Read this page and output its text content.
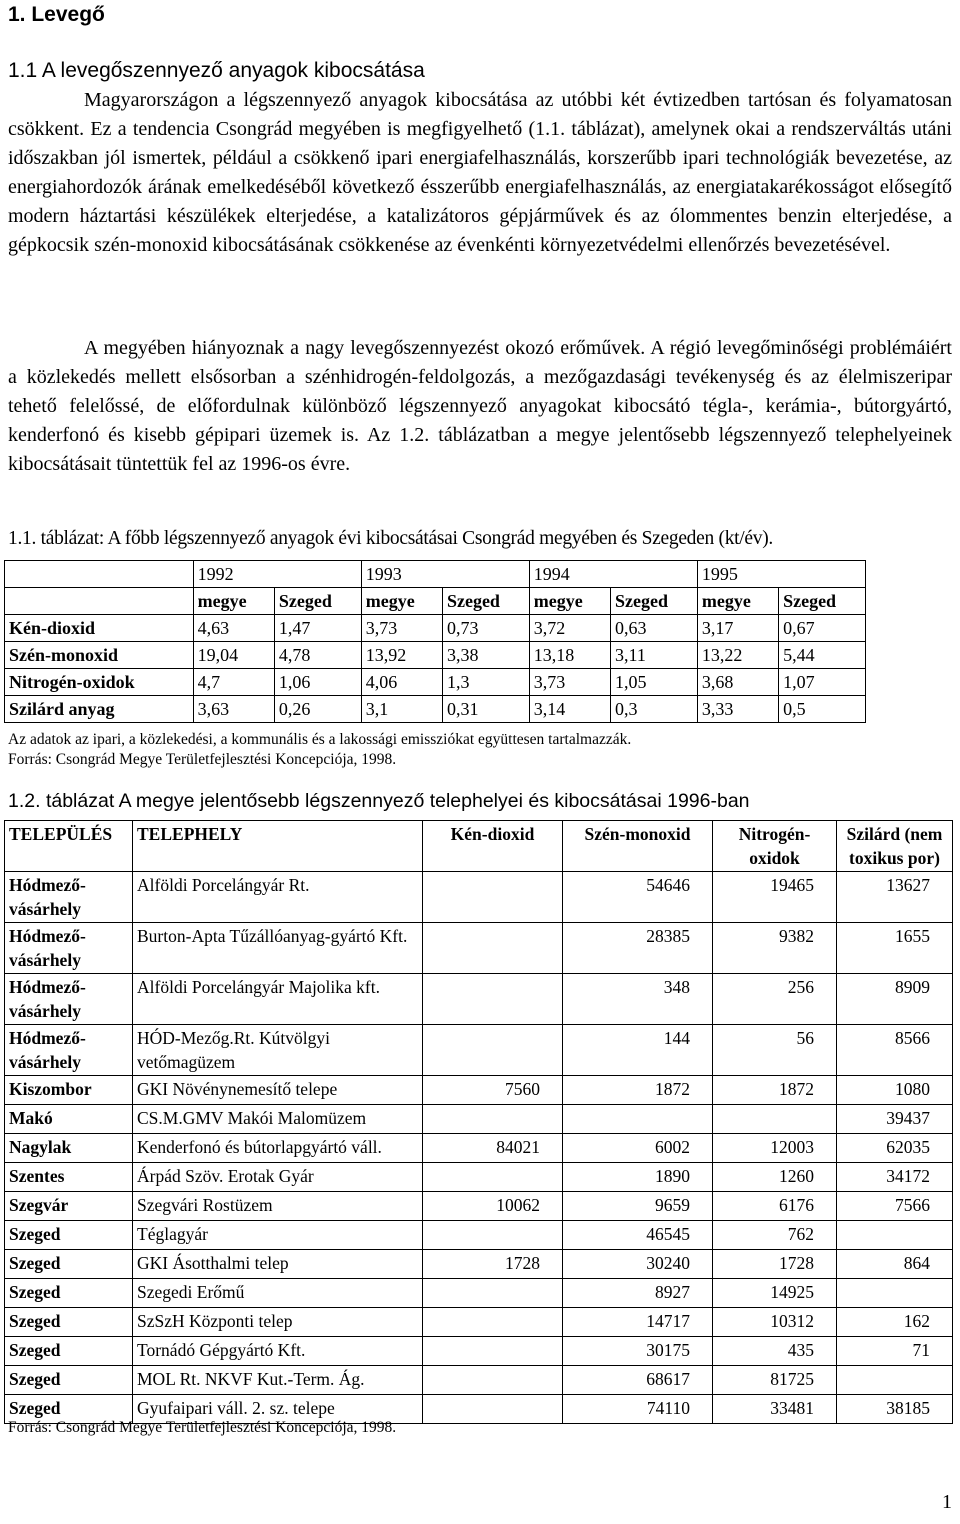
1. Levegő
1.1 A levegőszennyező anyagok kibocsátása

Magyarországon a légszennyező anyagok kibocsátása az utóbbi két évtizedben tartósan és folyamatosan csökkent. Ez a tendencia Csongrád megyében is megfigyelhető (1.1. táblázat), amelynek okai a rendszerváltás utáni időszakban jól ismertek, például a csökkenő ipari energiafelhasználás, korszerűbb ipari technológiák bevezetése, az energiahordozók árának emelkedéséből következő ésszerűbb energiafelhasználás, az energiatakarékosságot elősegítő modern háztartási készülékek elterjedése, a katalizátoros gépjárművek és az ólommentes benzin elterjedése, a gépkocsik szén-monoxid kibocsátásának csökkenése az évenkénti környezetvédelmi ellenőrzés bevezetésével.

A megyében hiányoznak a nagy levegőszennyezést okozó erőművek. A régió levegőminőségi problémáiért a közlekedés mellett elsősorban a szénhidrogén-feldolgozás, a mezőgazdasági tevékenység és az élelmiszeripar tehető felelőssé, de előfordulnak különböző légszennyező anyagokat kibocsátó tégla-, kerámia-, bútorgyártó, kenderfonó és kisebb gépipari üzemek is. Az 1.2. táblázatban a megye jelentősebb légszennyező telephelyeinek kibocsátásait tüntettük fel az 1996-os évre.

1.1. táblázat: A főbb légszennyező anyagok évi kibocsátásai Csongrád megyében és Szegeden (kt/év).

	1992		1993		1994		1995	
	megye	Szeged	megye	Szeged	megye	Szeged	megye	Szeged
Kén-dioxid	4,63	1,47	3,73	0,73	3,72	0,63	3,17	0,67
Szén-monoxid	19,04	4,78	13,92	3,38	13,18	3,11	13,22	5,44
Nitrogén-oxidok	4,7	1,06	4,06	1,3	3,73	1,05	3,68	1,07
Szilárd anyag	3,63	0,26	3,1	0,31	3,14	0,3	3,33	0,5

Az adatok az ipari, a közlekedési, a kommunális és a lakossági emissziókat együttesen tartalmazzák.

Forrás: Csongrád Megye Területfejlesztési Koncepciója, 1998.

1.2. táblázat A megye jelentősebb légszennyező telephelyei és kibocsátásai 1996-ban

TELEPÜLÉS	TELEPHELY	Kén-dioxid	Szén-monoxid	Nitrogén-oxidok	Szilárd (nem toxikus por)
Hódmező-vásárhely	Alföldi Porcelángyár Rt.		54646	19465	13627
Hódmező-vásárhely	Burton-Apta Tűzállóanyag-gyártó Kft.		28385	9382	1655
Hódmező-vásárhely	Alföldi Porcelángyár Majolika kft.		348	256	8909
Hódmező-vásárhely	HÓD-Mezőg.Rt. Kútvölgyi vetőmagüzem		144	56	8566
Kiszombor	GKI Növénynemesítő telepe	7560	1872	1872	1080
Makó	CS.M.GMV Makói Malomüzem				39437
Nagylak	Kenderfonó és bútorlapgyártó váll.	84021	6002	12003	62035
Szentes	Árpád Szöv. Erotak Gyár		1890	1260	34172
Szegvár	Szegvári Rostüzem	10062	9659	6176	7566
Szeged	Téglagyár		46545	762	
Szeged	GKI Ásotthalmi telep	1728	30240	1728	864
Szeged	Szegedi Erőmű		8927	14925	
Szeged	SzSzH Központi telep		14717	10312	162
Szeged	Tornádó Gépgyártó Kft.		30175	435	71
Szeged	MOL Rt. NKVF Kut.-Term. Ág.		68617	81725	
Szeged	Gyufaipari váll. 2. sz. telepe		74110	33481	38185

Forrás: Csongrád Megye Területfejlesztési Koncepciója, 1998.

1
